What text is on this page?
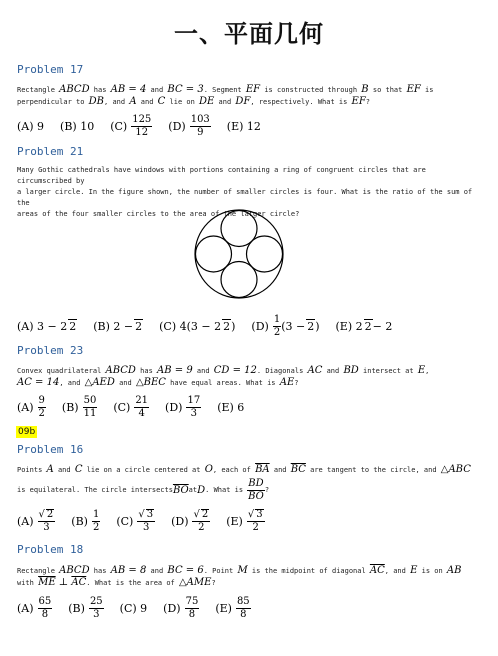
一、平面几何
Problem 17
Rectangle ABCD has AB = 4 and BC = 3. Segment EF is constructed through B so that EF is
perpendicular to DB, and A and C lie on DE and DF, respectively. What is EF?
(A) 9 (B) 10 $(C) \frac{125}{12} (D) \frac{103}{9} (E)$ 12
Problem 21
Many Gothic cathedrals have windows with portions containing a ring of congruent circles that are circumscribed by
a larger circle. In the figure shown, the number of smaller circles is four. What is the ratio of the sum of the
areas of the four smaller circles to the area of the larger circle?
(A) 3 − 2 2 (B) 2 − 2 (C) 4(3 − 2 2 ) $(D) \frac{1}{2} (3 - 2$ ) (E) 2 2 − 2
Problem 23
Convex quadrilateral ABCD has AB = 9 and CD = 12. Diagonals AC and BD intersect at E,
AC = 14, and △AED and △BEC have equal areas. What is AE?
$(A) \frac{9}{2} (B) \frac{50}{11} (C) \frac{21}{4} (D) \frac{17}{3} (E)$ 6
09b
Problem 16
Points A and C lie on a circle centered at O, each of $\overline{BA}$ and $\overline{BC}$ are tangent to the circle, and △ABC
is equilateral. The circle intersects $\overline{BO}$ at D . What is $\frac{BD}{BO}$ ?
$(A) \frac{√ 2}{3} (B) \frac{1}{2} (C) \frac{√ 3}{3} (D) \frac{√ 2}{2} (E) \frac{√ 3}{2}$
Problem 18
Rectangle ABCD has AB = 8 and BC = 6. Point M is the midpoint of diagonal $\overline{AC}$, and E is on AB
with $\overline{ME}$ ⊥ $\overline{AC}$. What is the area of △AME?
$(A) \frac{65}{8} (B) \frac{25}{3} (C)$ 9 $(D) \frac{75}{8} (E) \frac{85}{8}$
